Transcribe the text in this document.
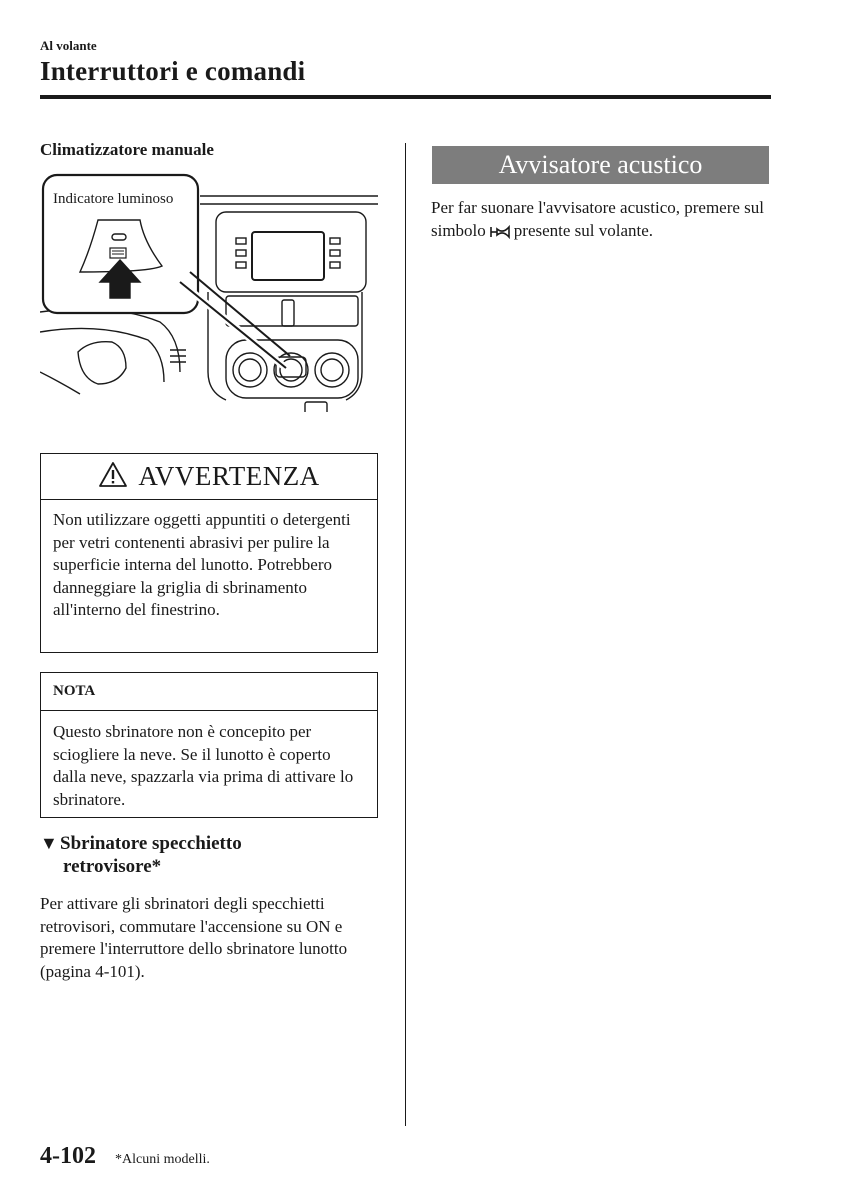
Al volante
Interruttori e comandi
Climatizzatore manuale
Indicatore luminoso
AVVERTENZA
Non utilizzare oggetti appuntiti o detergenti per vetri contenenti abrasivi per pulire la superficie interna del lunotto. Potrebbero danneggiare la griglia di sbrinamento all'interno del finestrino.
NOTA
Questo sbrinatore non è concepito per sciogliere la neve. Se il lunotto è coperto dalla neve, spazzarla via prima di attivare lo sbrinatore.
▼ Sbrinatore specchietto
retrovisore*
Per attivare gli sbrinatori degli specchietti retrovisori, commutare l'accensione su ON e premere l'interruttore dello sbrinatore lunotto (pagina 4-101).
Avvisatore acustico
Per far suonare l'avvisatore acustico, premere sul simbolo presente sul volante.
4-102 *Alcuni modelli.
